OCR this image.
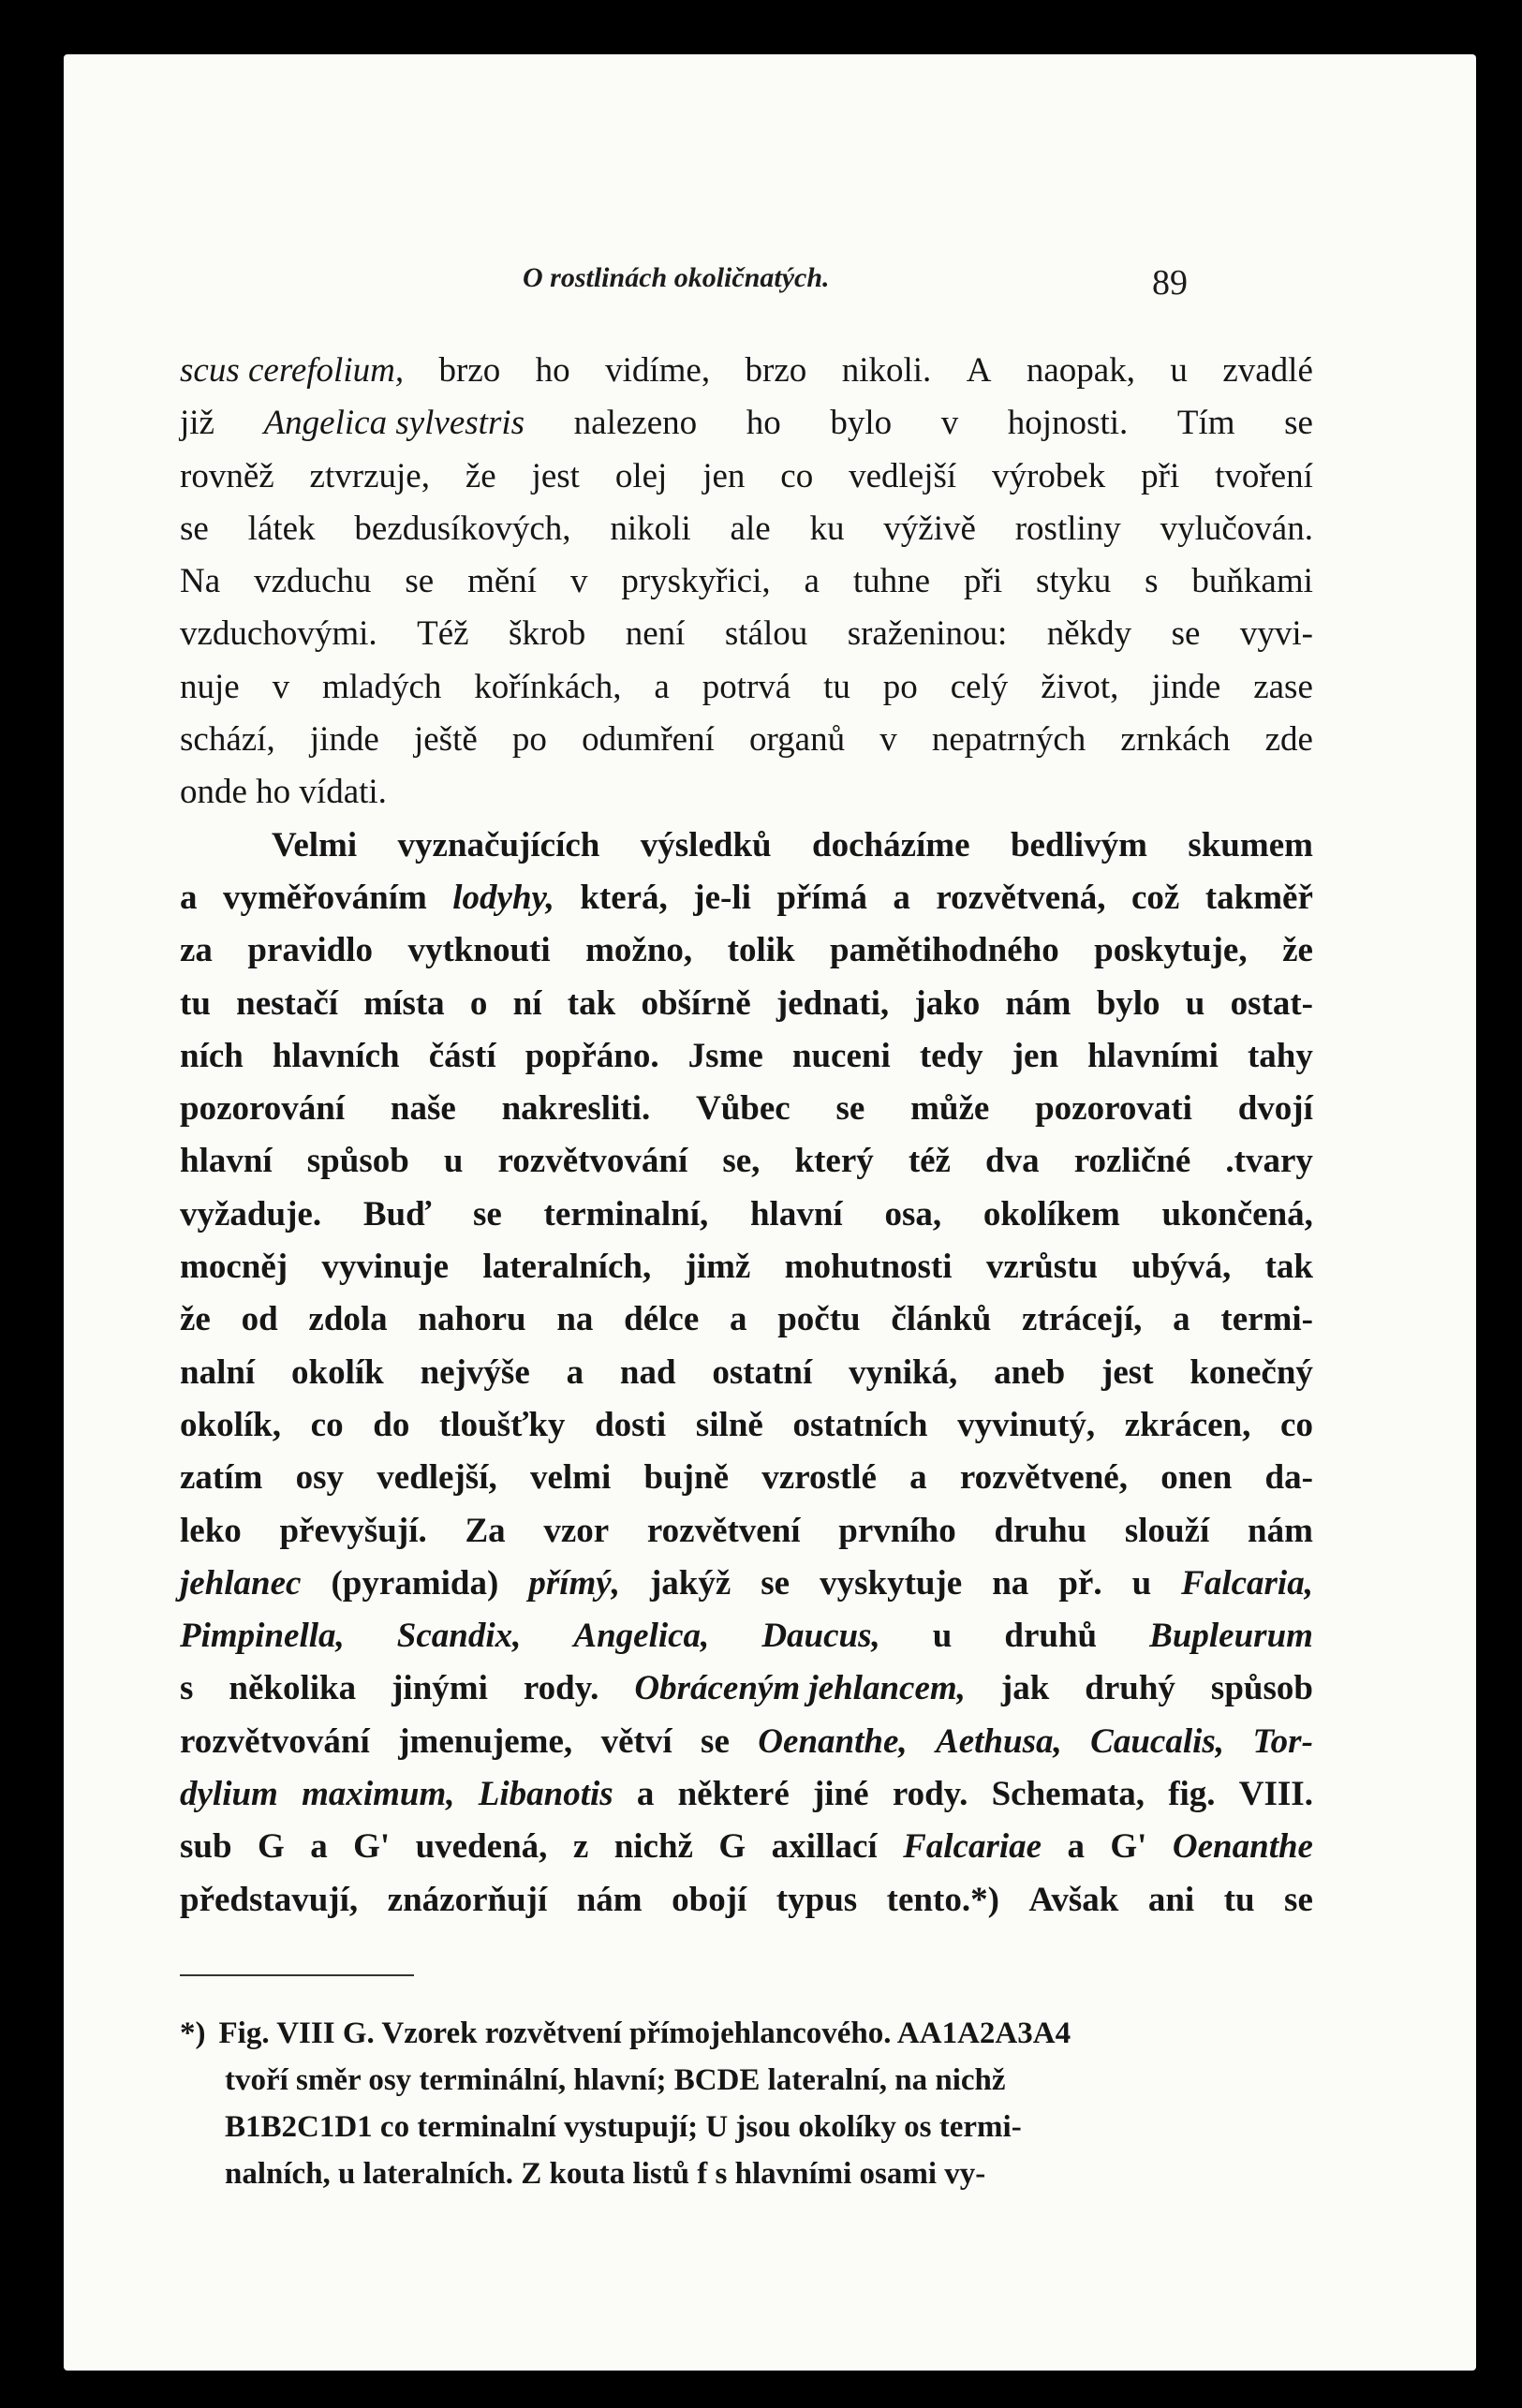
O rostlinách okoličnatých.	89
scus cerefolium, brzo ho vidíme, brzo nikoli. A naopak, u zvadlé
již Angelica sylvestris nalezeno ho bylo v hojnosti. Tím se
rovněž ztvrzuje, že jest olej jen co vedlejší výrobek při tvoření
se látek bezdusíkových, nikoli ale ku výživě rostliny vylučován.
Na vzduchu se mění v pryskyřici, a tuhne při styku s buňkami
vzduchovými. Též škrob není stálou sraženinou: někdy se vyvi-
nuje v mladých kořínkách, a potrvá tu po celý život, jinde zase
schází, jinde ještě po odumření organů v nepatrných zrnkách zde
onde ho vídati.
Velmi vyznačujících výsledků docházíme bedlivým skumem
a vyměřováním lodyhy, která, je-li přímá a rozvětvená, což takměř
za pravidlo vytknouti možno, tolik pamětihodného poskytuje, že
tu nestačí místa o ní tak obšírně jednati, jako nám bylo u ostat-
ních hlavních částí popřáno. Jsme nuceni tedy jen hlavními tahy
pozorování naše nakresliti. Vůbec se může pozorovati dvojí
hlavní spůsob u rozvětvování se, který též dva rozličné .tvary
vyžaduje. Buď se terminalní, hlavní osa, okolíkem ukončená,
mocněj vyvinuje lateralních, jimž mohutnosti vzrůstu ubývá, tak
že od zdola nahoru na délce a počtu článků ztrácejí, a termi-
nalní okolík nejvýše a nad ostatní vyniká, aneb jest konečný
okolík, co do tloušťky dosti silně ostatních vyvinutý, zkrácen, co
zatím osy vedlejší, velmi bujně vzrostlé a rozvětvené, onen da-
leko převyšují. Za vzor rozvětvení prvního druhu slouží nám
jehlanec (pyramida) přímý, jakýž se vyskytuje na př. u Falcaria,
Pimpinella, Scandix, Angelica, Daucus, u druhů Bupleurum
s několika jinými rody. Obráceným jehlancem, jak druhý spůsob
rozvětvování jmenujeme, větví se Oenanthe, Aethusa, Caucalis, Tor-
dylium maximum, Libanotis a některé jiné rody. Schemata, fig. VIII.
sub G a G' uvedená, z nichž G axillací Falcariae a G' Oenanthe
představují, znázorňují nám obojí typus tento.*) Avšak ani tu se
*) Fig. VIII G. Vzorek rozvětvení přímojehlancového. AA1A2A3A4
tvoří směr osy terminální, hlavní; BCDE lateralní, na nichž
B1B2C1D1 co terminalní vystupují; U jsou okolíky os termi-
nalních, u lateralních. Z kouta listů f s hlavními osami vy-
